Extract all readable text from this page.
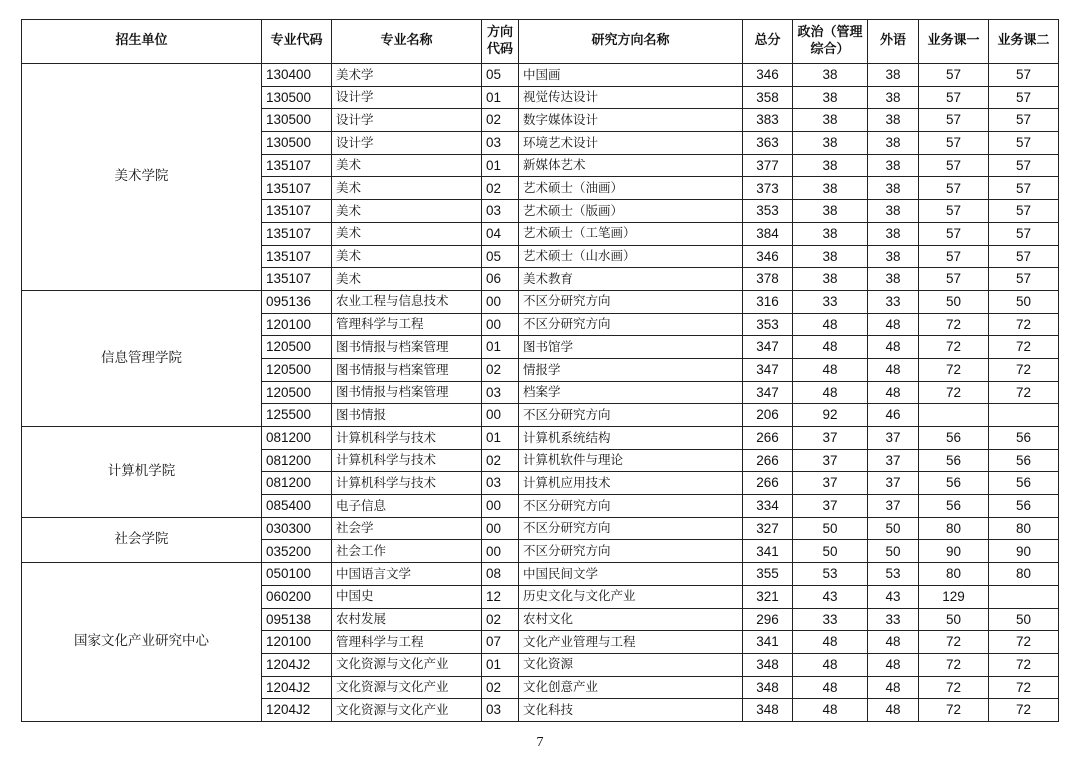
招生单位	专业代码	专业名称	方向代码	研究方向名称	总分	政治（管理综合）	外语	业务课一	业务课二
美术学院	130400	美术学	05	中国画	346	38	38	57	57
	130500	设计学	01	视觉传达设计	358	38	38	57	57
	130500	设计学	02	数字媒体设计	383	38	38	57	57
	130500	设计学	03	环境艺术设计	363	38	38	57	57
	135107	美术	01	新媒体艺术	377	38	38	57	57
	135107	美术	02	艺术硕士（油画）	373	38	38	57	57
	135107	美术	03	艺术硕士（版画）	353	38	38	57	57
	135107	美术	04	艺术硕士（工笔画）	384	38	38	57	57
	135107	美术	05	艺术硕士（山水画）	346	38	38	57	57
	135107	美术	06	美术教育	378	38	38	57	57
信息管理学院	095136	农业工程与信息技术	00	不区分研究方向	316	33	33	50	50
	120100	管理科学与工程	00	不区分研究方向	353	48	48	72	72
	120500	图书情报与档案管理	01	图书馆学	347	48	48	72	72
	120500	图书情报与档案管理	02	情报学	347	48	48	72	72
	120500	图书情报与档案管理	03	档案学	347	48	48	72	72
	125500	图书情报	00	不区分研究方向	206	92	46		
计算机学院	081200	计算机科学与技术	01	计算机系统结构	266	37	37	56	56
	081200	计算机科学与技术	02	计算机软件与理论	266	37	37	56	56
	081200	计算机科学与技术	03	计算机应用技术	266	37	37	56	56
	085400	电子信息	00	不区分研究方向	334	37	37	56	56
社会学院	030300	社会学	00	不区分研究方向	327	50	50	80	80
	035200	社会工作	00	不区分研究方向	341	50	50	90	90
国家文化产业研究中心	050100	中国语言文学	08	中国民间文学	355	53	53	80	80
	060200	中国史	12	历史文化与文化产业	321	43	43	129	
	095138	农村发展	02	农村文化	296	33	33	50	50
	120100	管理科学与工程	07	文化产业管理与工程	341	48	48	72	72
	1204J2	文化资源与文化产业	01	文化资源	348	48	48	72	72
	1204J2	文化资源与文化产业	02	文化创意产业	348	48	48	72	72
	1204J2	文化资源与文化产业	03	文化科技	348	48	48	72	72
7
